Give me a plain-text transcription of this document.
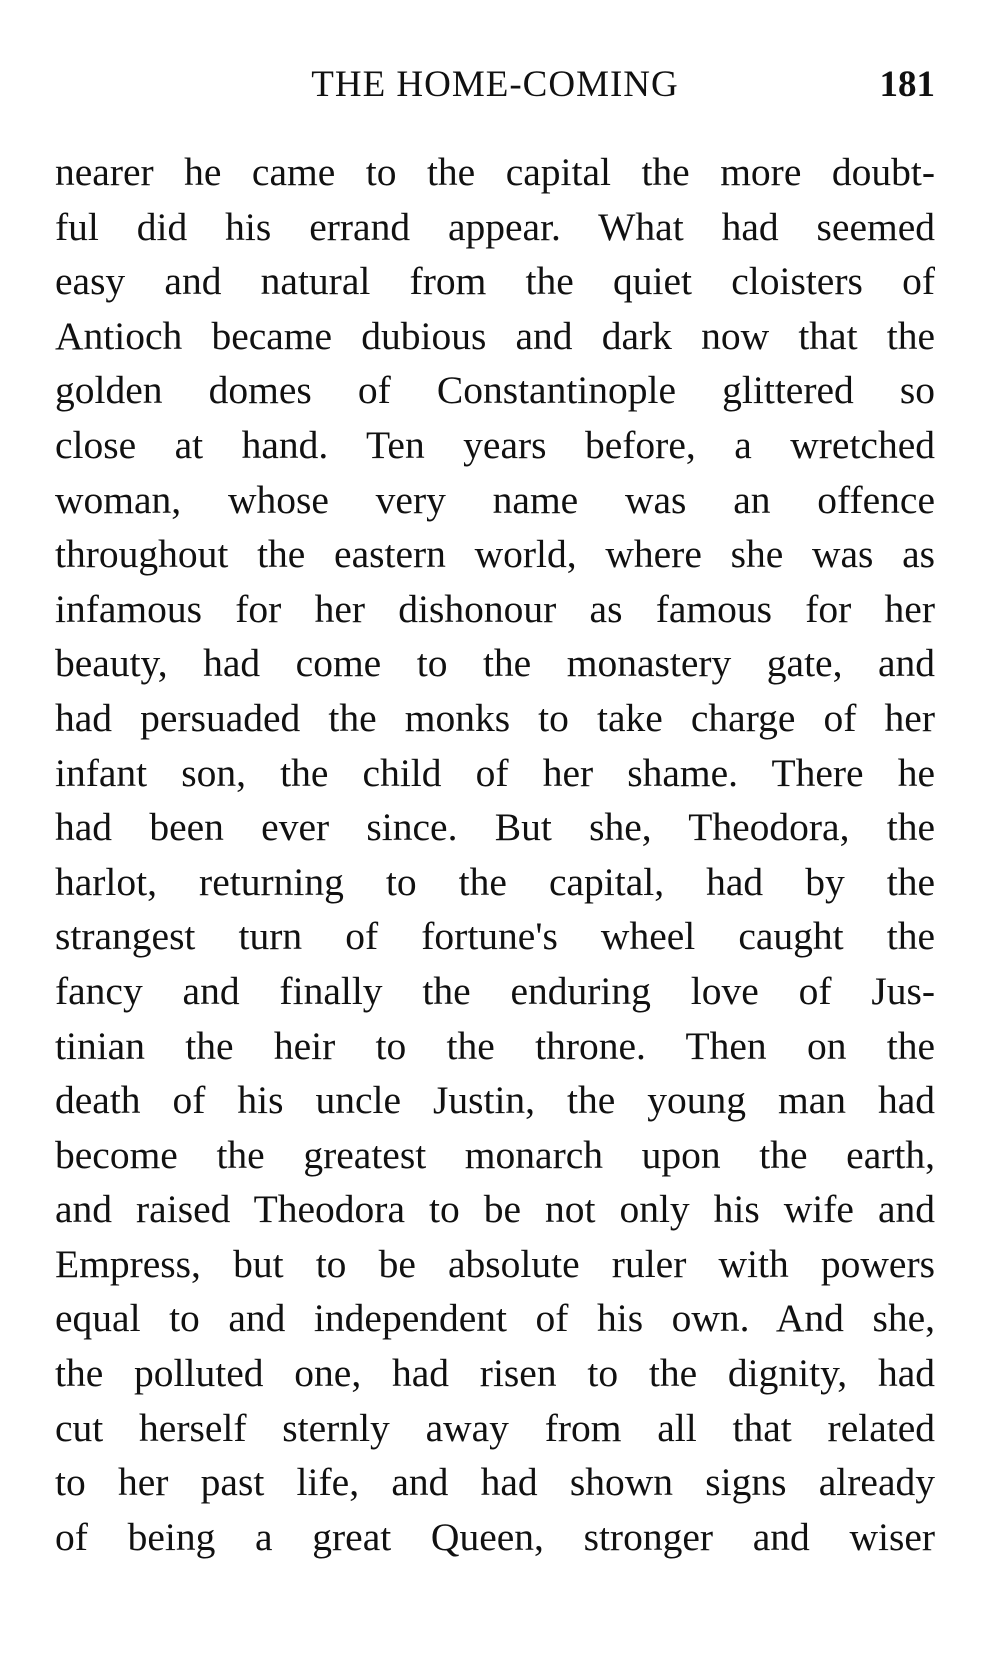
THE HOME-COMING	181
nearer he came to the capital the more doubt-
ful did his errand appear. What had seemed
easy and natural from the quiet cloisters of
Antioch became dubious and dark now that the
golden domes of Constantinople glittered so
close at hand. Ten years before, a wretched
woman, whose very name was an offence
throughout the eastern world, where she was as
infamous for her dishonour as famous for her
beauty, had come to the monastery gate, and
had persuaded the monks to take charge of her
infant son, the child of her shame. There he
had been ever since. But she, Theodora, the
harlot, returning to the capital, had by the
strangest turn of fortune's wheel caught the
fancy and finally the enduring love of Jus-
tinian the heir to the throne. Then on the
death of his uncle Justin, the young man had
become the greatest monarch upon the earth,
and raised Theodora to be not only his wife and
Empress, but to be absolute ruler with powers
equal to and independent of his own. And she,
the polluted one, had risen to the dignity, had
cut herself sternly away from all that related
to her past life, and had shown signs already
of being a great Queen, stronger and wiser
